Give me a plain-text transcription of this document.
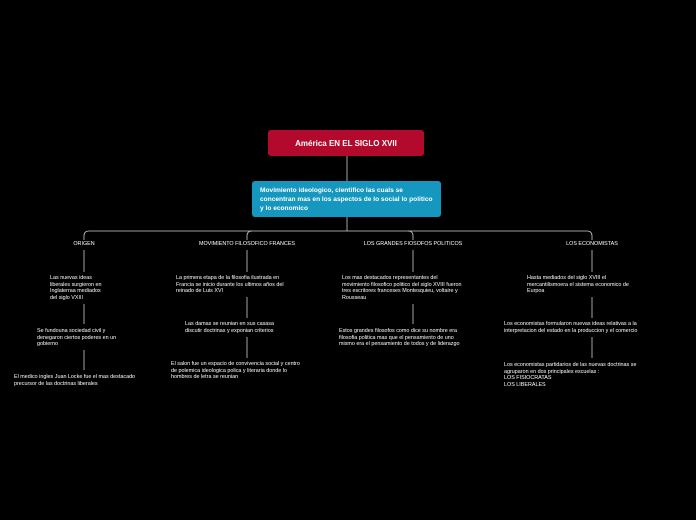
América EN EL SIGLO XVII
Movimiento ideologico, cientifico las cuals se concentran mas en los aspectos de lo social lo politico y lo economico
ORIGEN	MOVIMIENTO FILOSOFICO FRANCES	LOS GRANDES FIOSOFOS POLITICOS	LOS ECONOMISTAS
Las nuevas ideas
liberales surgieron en
Inglaterraa mediados
del siglo VXIII
Se fundouna sociedad civil y
denegaron ciertos poderes en un
gobierno
El medico ingles Juan Locke fue el mas destacado
precursor de las doctrinas liberales
La primera etapa de la filosofia ilustrada en
Francia se inicio durante los ultimos años del
reinado de Luis XVI
Las damas se reunian en sus casasa
discutir doctrinas y exponian criterios
El salon fue un espacio de convivencia social y centro
de polemica ideologica polica y literaria donde lo
hombres de letra se reunian
Los mas destacados representantes del
movimiento filosofico politico del siglo XVIII fueron
tres escritores franceses Montesquieu, voltaire y
Rousseau
Estos grandes filosofos como dice su nombre era
filosofia politica mas que el pensamiento de uno
mismo era el pensamiento de todos y de liderazgo
Hasta mediados del siglo XVIII el
mercantilismoera el sistema economico de
Eurpoa
Los economistas formularon nuevas ideas relativas a la
interpretacion del estado en la produccion y el comercio
Los economistas partidarios de las nuevas doctrinas se
agruparon en dos principales escuelas :
LOS FISIOCRATAS
LOS LIBERALES
